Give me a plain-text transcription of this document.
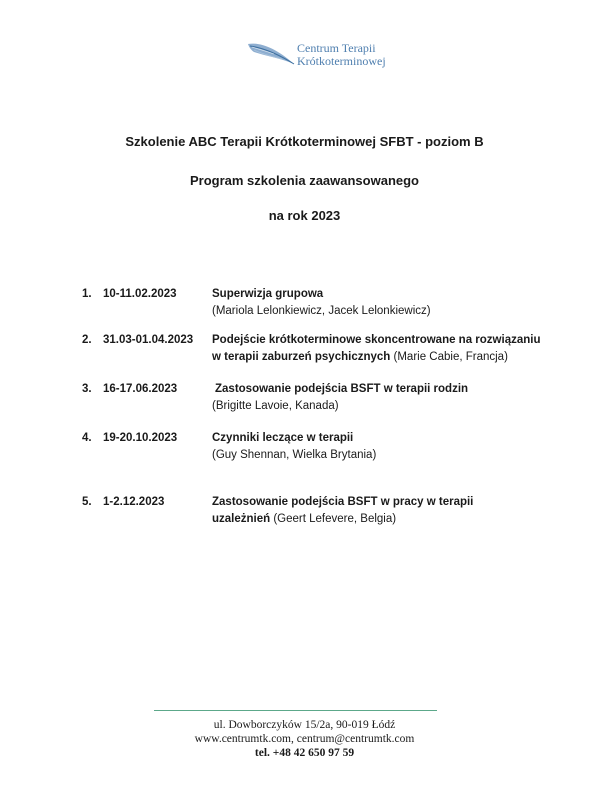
Centrum Terapii
Krótkoterminowej
Szkolenie ABC Terapii Krótkoterminowej SFBT - poziom B
Program szkolenia zaawansowanego
na rok 2023
1. 10-11.02.2023	Superwizja grupowa
(Mariola Lelonkiewicz, Jacek Lelonkiewicz)
2. 31.03-01.04.2023 Podejście krótkoterminowe skoncentrowane na rozwiązaniu
w terapii zaburzeń psychicznych (Marie Cabie, Francja)
3. 16-17.06.2023	Zastosowanie podejścia BSFT w terapii rodzin
(Brigitte Lavoie, Kanada)
4. 19-20.10.2023	Czynniki leczące w terapii
(Guy Shennan, Wielka Brytania)
5. 1-2.12.2023	Zastosowanie podejścia BSFT w pracy w terapii
uzależnień (Geert Lefevere, Belgia)
ul. Dowborczyków 15/2a, 90-019 Łódź
www.centrumtk.com, centrum@centrumtk.com
tel. +48 42 650 97 59
